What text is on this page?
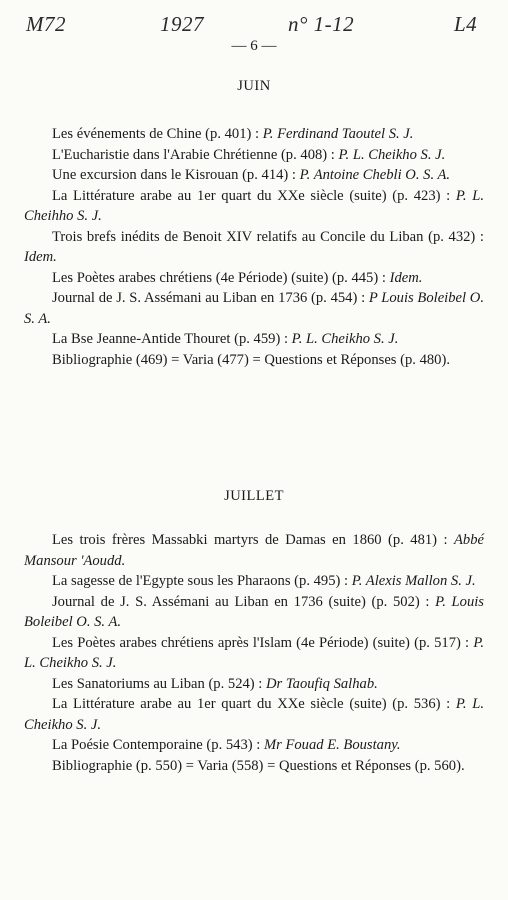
M72	1927	n° 1-12	L4
— 6 —
JUIN

Les événements de Chine (p. 401) : P. Ferdinand Taoutel S. J.

L'Eucharistie dans l'Arabie Chrétienne (p. 408) : P. L. Cheikho S. J.

Une excursion dans le Kisrouan (p. 414) : P. Antoine Chebli O. S. A.

La Littérature arabe au 1er quart du XXe siècle (suite) (p. 423) : P. L. Cheihho S. J.

Trois brefs inédits de Benoit XIV relatifs au Concile du Liban (p. 432) : Idem.

Les Poètes arabes chrétiens (4e Période) (suite) (p. 445) : Idem.

Journal de J. S. Assémani au Liban en 1736 (p. 454) : P Louis Boleibel O. S. A.

La Bse Jeanne-Antide Thouret (p. 459) : P. L. Cheikho S. J.

Bibliographie (469) = Varia (477) = Questions et Réponses (p. 480).

JUILLET

Les trois frères Massabki martyrs de Damas en 1860 (p. 481) : Abbé Mansour 'Aoudd.

La sagesse de l'Egypte sous les Pharaons (p. 495) : P. Alexis Mallon S. J.

Journal de J. S. Assémani au Liban en 1736 (suite) (p. 502) : P. Louis Boleibel O. S. A.

Les Poètes arabes chrétiens après l'Islam (4e Période) (suite) (p. 517) : P. L. Cheikho S. J.

Les Sanatoriums au Liban (p. 524) : Dr Taoufiq Salhab.

La Littérature arabe au 1er quart du XXe siècle (suite) (p. 536) : P. L. Cheikho S. J.

La Poésie Contemporaine (p. 543) : Mr Fouad E. Boustany.

Bibliographie (p. 550) = Varia (558) = Questions et Réponses (p. 560).
